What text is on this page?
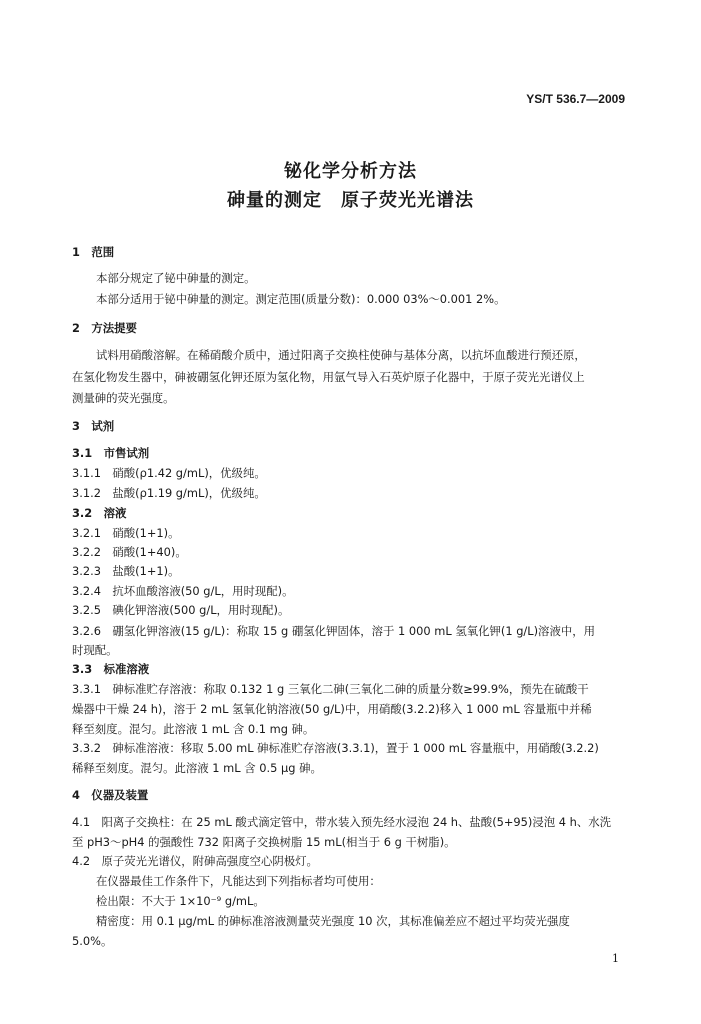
YS/T 536.7—2009
铋化学分析方法
砷量的测定　原子荧光光谱法
1　范围
本部分规定了铋中砷量的测定。
本部分适用于铋中砷量的测定。测定范围(质量分数)：0.000 03%～0.001 2%。
2　方法提要
试料用硝酸溶解。在稀硝酸介质中，通过阳离子交换柱使砷与基体分离，以抗坏血酸进行预还原，
在氢化物发生器中，砷被硼氢化钾还原为氢化物，用氩气导入石英炉原子化器中，于原子荧光光谱仪上
测量砷的荧光强度。
3　试剂
3.1　市售试剂
3.1.1　硝酸(ρ1.42 g/mL)，优级纯。
3.1.2　盐酸(ρ1.19 g/mL)，优级纯。
3.2　溶液
3.2.1　硝酸(1+1)。
3.2.2　硝酸(1+40)。
3.2.3　盐酸(1+1)。
3.2.4　抗坏血酸溶液(50 g/L，用时现配)。
3.2.5　碘化钾溶液(500 g/L，用时现配)。
3.2.6　硼氢化钾溶液(15 g/L)：称取 15 g 硼氢化钾固体，溶于 1 000 mL 氢氧化钾(1 g/L)溶液中，用
时现配。
3.3　标准溶液
3.3.1　砷标准贮存溶液：称取 0.132 1 g 三氧化二砷(三氧化二砷的质量分数≥99.9%，预先在硫酸干
燥器中干燥 24 h)，溶于 2 mL 氢氧化钠溶液(50 g/L)中，用硝酸(3.2.2)移入 1 000 mL 容量瓶中并稀
释至刻度。混匀。此溶液 1 mL 含 0.1 mg 砷。
3.3.2　砷标准溶液：移取 5.00 mL 砷标准贮存溶液(3.3.1)，置于 1 000 mL 容量瓶中，用硝酸(3.2.2)
稀释至刻度。混匀。此溶液 1 mL 含 0.5 μg 砷。
4　仪器及装置
4.1　阳离子交换柱：在 25 mL 酸式滴定管中，带水装入预先经水浸泡 24 h、盐酸(5+95)浸泡 4 h、水洗
至 pH3～pH4 的强酸性 732 阳离子交换树脂 15 mL(相当于 6 g 干树脂)。
4.2　原子荧光光谱仪，附砷高强度空心阴极灯。
在仪器最佳工作条件下，凡能达到下列指标者均可使用：
检出限：不大于 1×10⁻⁹ g/mL。
精密度：用 0.1 μg/mL 的砷标准溶液测量荧光强度 10 次，其标准偏差应不超过平均荧光强度
5.0%。
1
